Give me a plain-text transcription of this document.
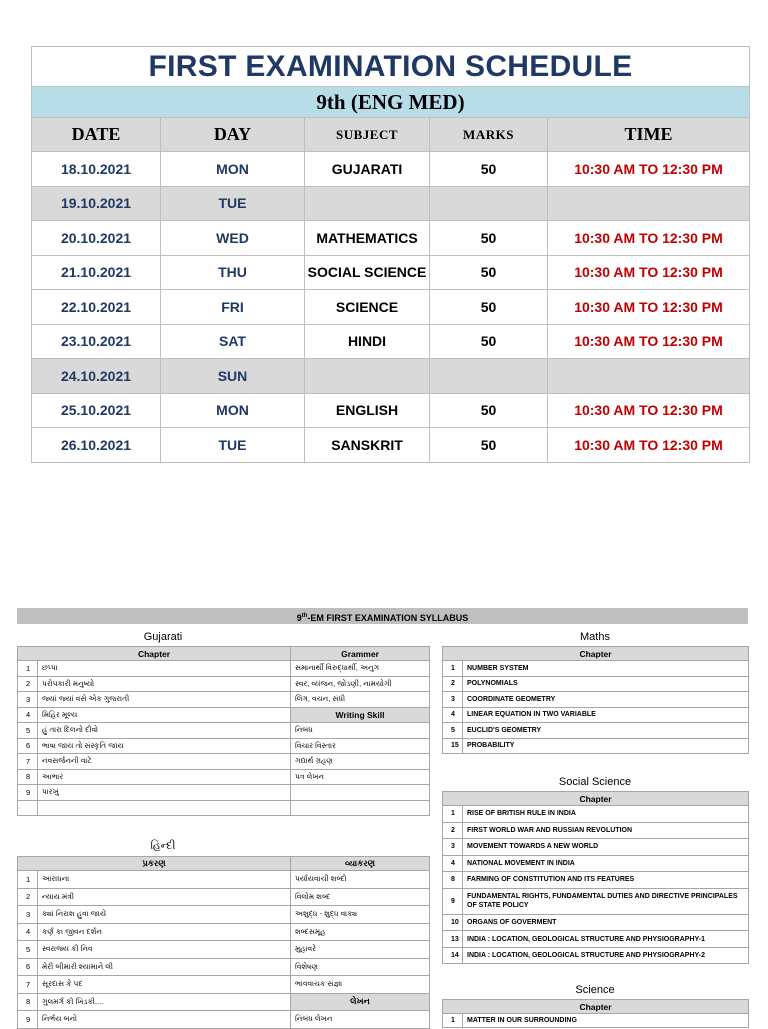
FIRST EXAMINATION SCHEDULE				
9th (ENG MED)				
DATE	DAY	SUBJECT	MARKS	TIME
18.10.2021	MON	GUJARATI	50	10:30 AM TO 12:30 PM
19.10.2021	TUE			
20.10.2021	WED	MATHEMATICS	50	10:30 AM TO 12:30 PM
21.10.2021	THU	SOCIAL SCIENCE	50	10:30 AM TO 12:30 PM
22.10.2021	FRI	SCIENCE	50	10:30 AM TO 12:30 PM
23.10.2021	SAT	HINDI	50	10:30 AM TO 12:30 PM
24.10.2021	SUN			
25.10.2021	MON	ENGLISH	50	10:30 AM TO 12:30 PM
26.10.2021	TUE	SANSKRIT	50	10:30 AM TO 12:30 PM
9th-EM FIRST EXAMINATION SYLLABUS
Gujarati
Chapter		Grammer
1	છપ્પા	સમાનાર્થી વિરુદ્ધાર્થી, અનુગ
2	પરોપકારી મનુષ્યો	સ્વર, વ્યંજન, જોડણી, નામયોગી
3	જ્યાં જ્યાં વસે એક ગુજરાતી	લિંગ, વચન, સંધી
4	મિહિર મૂલ્ય	Writing Skill
5	હું તારા દિલનો દીવો	નિબંધ
6	ભાષા જાય તો સંસ્કૃતિ જાય	વિચાર વિસ્તાર
7	નવસર્જનની વાટે	ગદ્યાર્થ ગ્રહણ
8	આભાર	પત્ર લેખન
9	પારખું	

હિન્દી
પ્રકરણ		વ્યાકરણ
1	આરાધના	પર્યાયવાચી શબ્દો
2	ન્યાય મંત્રી	વિલોમ શબ્દ
3	ક્યાં નિરાશ હુવા જાયે	અશુદ્ધ - શુદ્ધ વાક્ય
4	કર્ણ કા જીવન દર્શન	શબ્દસમૂહ
5	સ્વરાજ્ય કી નિવ	મુહાવરે
6	મેરી બીમારી શ્યામાને લી	વિશેષણ
7	સૂરદાસ કે પદ	ભાવવાચક સંજ્ઞા
8	ગુલમર્ગ કી ખિડકી....	લેખન
9	નિર્ભય બનો	નિબંધ લેખન
Maths
Chapter	
1	NUMBER SYSTEM
2	POLYNOMIALS
3	COORDINATE GEOMETRY
4	LINEAR EQUATION IN TWO VARIABLE
5	EUCLID'S GEOMETRY
15	PROBABILITY
Social Science
Chapter	
1	RISE OF BRITISH RULE IN INDIA
2	FIRST WORLD WAR AND RUSSIAN REVOLUTION
3	MOVEMENT TOWARDS A NEW WORLD
4	NATIONAL MOVEMENT IN INDIA
8	FARMING OF CONSTITUTION AND ITS FEATURES
9	FUNDAMENTAL RIGHTS, FUNDAMENTAL DUTIES AND DIRECTIVE PRINCIPALES OF STATE POLICY
10	ORGANS OF GOVERMENT
13	INDIA : LOCATION, GEOLOGICAL STRUCTURE AND PHYSIOGRAPHY-1
14	INDIA : LOCATION, GEOLOGICAL STRUCTURE AND PHYSIOGRAPHY-2
Science
Chapter
1	MATTER IN OUR SURROUNDING
